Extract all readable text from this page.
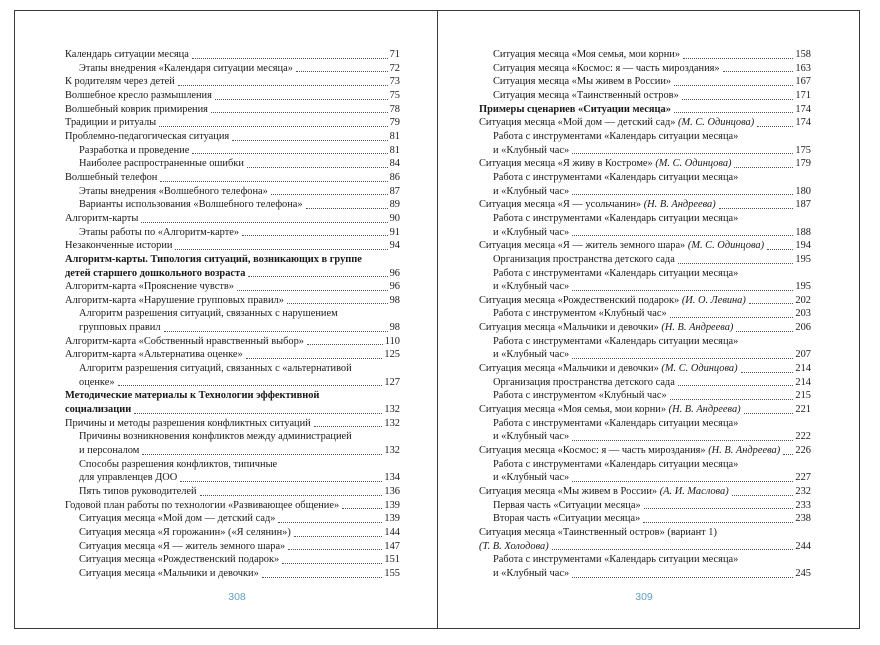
Календарь ситуации месяца	71
Этапы внедрения «Календаря ситуации месяца»	72
К родителям через детей	73
Волшебное кресло размышления	75
Волшебный коврик примирения	78
Традиции и ритуалы	79
Проблемно-педагогическая ситуация	81
Разработка и проведение	81
Наиболее распространенные ошибки	84
Волшебный телефон	86
Этапы внедрения «Волшебного телефона»	87
Варианты использования «Волшебного телефона»	89
Алгоритм-карты	90
Этапы работы по «Алгоритм-карте»	91
Незаконченные истории	94
Алгоритм-карты. Типология ситуаций, возникающих в группе
детей старшего дошкольного возраста	96
Алгоритм-карта «Прояснение чувств»	96
Алгоритм-карта «Нарушение групповых правил»	98
Алгоритм разрешения ситуаций, связанных с нарушением
групповых правил	98
Алгоритм-карта «Собственный нравственный выбор»	110
Алгоритм-карта «Альтернатива оценке»	125
Алгоритм разрешения ситуаций, связанных с «альтернативой
оценке»	127
Методические материалы к Технологии эффективной
социализации	132
Причины и методы разрешения конфликтных ситуаций	132
Причины возникновения конфликтов между администрацией
и персоналом	132
Способы разрешения конфликтов, типичные
для управленцев ДОО	134
Пять типов руководителей	136
Годовой план работы по технологии «Развивающее общение»	139
Ситуация месяца «Мой дом — детский сад»	139
Ситуация месяца «Я горожанин» («Я селянин»)	144
Ситуация месяца «Я — житель земного шара»	147
Ситуация месяца «Рождественский подарок»	151
Ситуация месяца «Мальчики и девочки»	155
308
Ситуация месяца «Моя семья, мои корни»	158
Ситуация месяца «Космос: я — часть мироздания»	163
Ситуация месяца «Мы живем в России»	167
Ситуация месяца «Таинственный остров»	171
Примеры сценариев «Ситуации месяца»	174
Ситуация месяца «Мой дом — детский сад» (М. С. Одинцова)	174
Работа с инструментами «Календарь ситуации месяца»
и «Клубный час»	175
Ситуация месяца «Я живу в Костроме» (М. С. Одинцова)	179
Работа с инструментами «Календарь ситуации месяца»
и «Клубный час»	180
Ситуация месяца «Я — усольчанин» (Н. В. Андреева)	187
Работа с инструментами «Календарь ситуации месяца»
и «Клубный час»	188
Ситуация месяца «Я — житель земного шара» (М. С. Одинцова)	194
Организация пространства детского сада	195
Работа с инструментами «Календарь ситуации месяца»
и «Клубный час»	195
Ситуация месяца «Рождественский подарок» (И. О. Левина)	202
Работа с инструментом «Клубный час»	203
Ситуация месяца «Мальчики и девочки» (Н. В. Андреева)	206
Работа с инструментами «Календарь ситуации месяца»
и «Клубный час»	207
Ситуация месяца «Мальчики и девочки» (М. С. Одинцова)	214
Организация пространства детского сада	214
Работа с инструментом «Клубный час»	215
Ситуация месяца «Моя семья, мои корни» (Н. В. Андреева)	221
Работа с инструментами «Календарь ситуации месяца»
и «Клубный час»	222
Ситуация месяца «Космос: я — часть мироздания» (Н. В. Андреева) 226
Работа с инструментами «Календарь ситуации месяца»
и «Клубный час»	227
Ситуация месяца «Мы живем в России» (А. И. Маслова)	232
Первая часть «Ситуации месяца»	233
Вторая часть «Ситуации месяца»	238
Ситуация месяца «Таинственный остров» (вариант 1)
(Т. В. Холодова)	244
Работа с инструментами «Календарь ситуации месяца»
и «Клубный час»	245
309
